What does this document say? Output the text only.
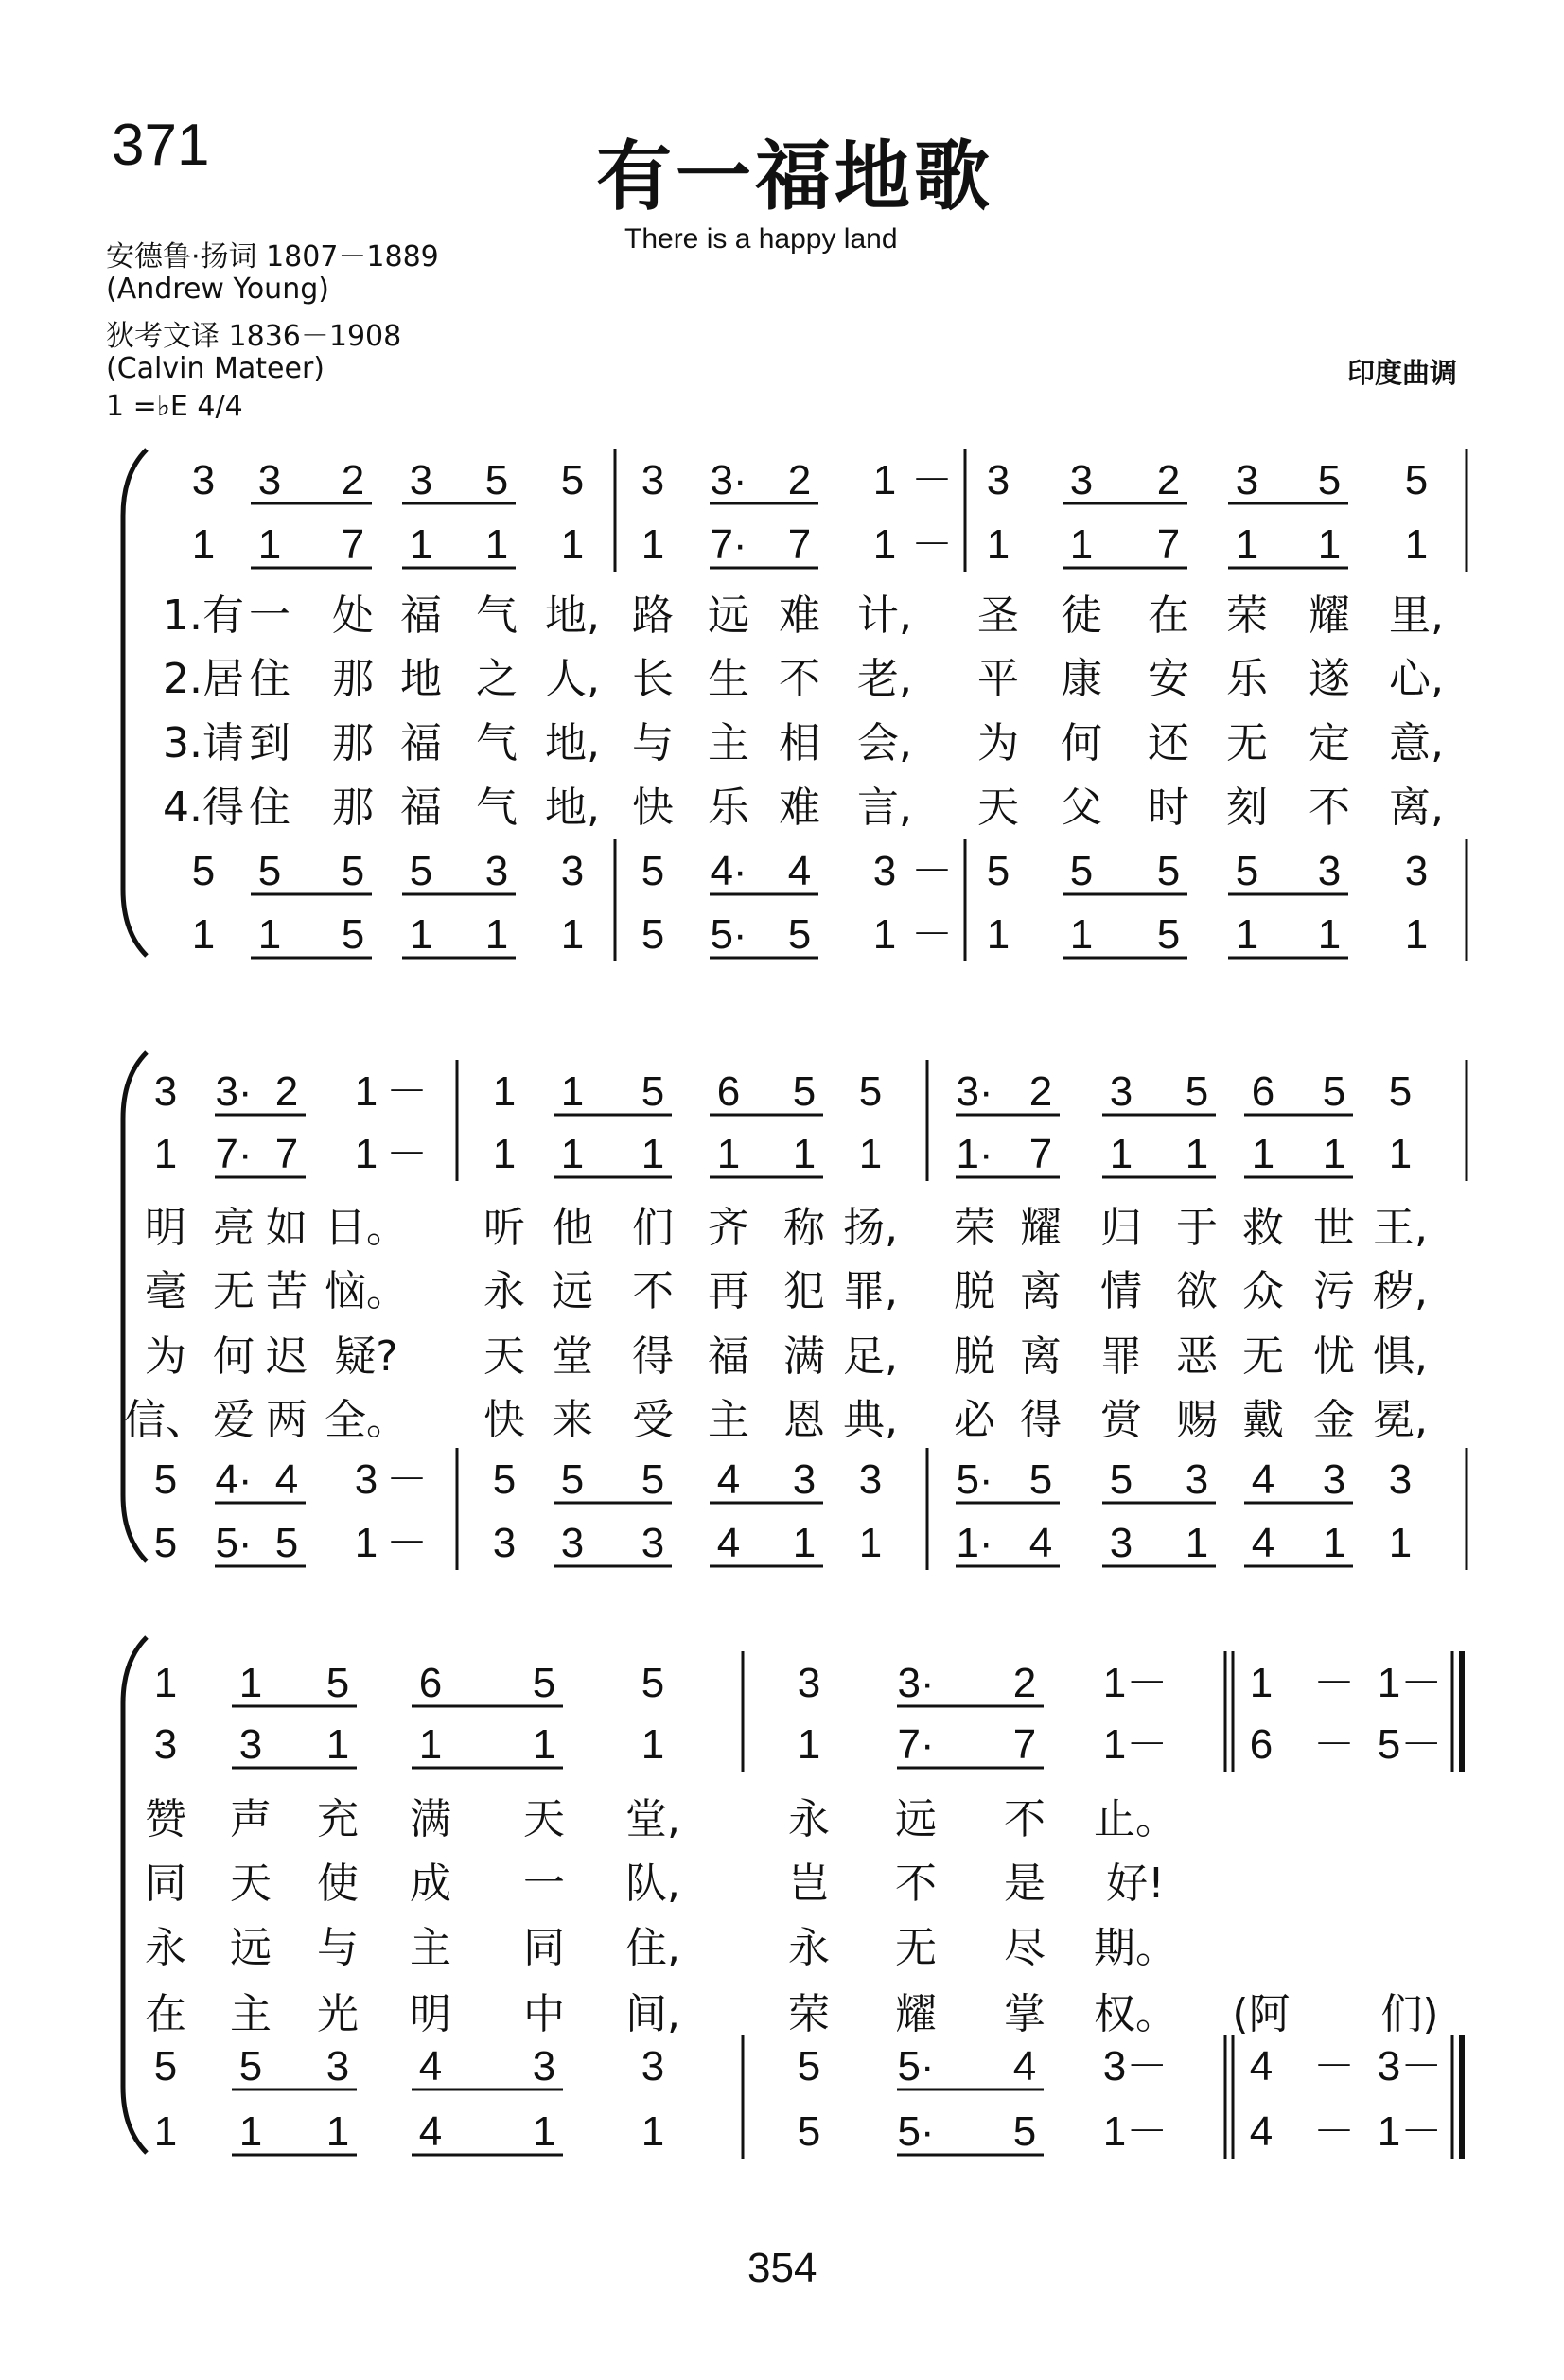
371	有一福地歌
There is a happy land
安德鲁·扬词 1807－1889
(Andrew Young)
狄考文译 1836－1908
(Calvin Mateer)
1 =♭E 4/4
印度曲调
3 3 2 3 5 5 3 3· 2 1 － 3 3 2 3 5 5
1 1 7 1 1 1 1 7· 7 1 － 1 1 7 1 1 1
5 5 5 5 3 3 5 4· 4 3 － 5 5 5 5 3 3
1 1 5 1 1 1 5 5· 5 1 － 1 1 5 1 1 1
1.有 一 处 福 气 地, 路 远 难 计, 圣 徒 在 荣 耀 里,
2.居 住 那 地 之 人, 长 生 不 老, 平 康 安 乐 遂 心,
3.请 到 那 福 气 地, 与 主 相 会, 为 何 还 无 定 意,
4.得 住 那 福 气 地, 快 乐 难 言, 天 父 时 刻 不 离,
3 3· 2 1 － 1 1 5 6 5 5 3· 2 3 5 6 5 5
1 7· 7 1 － 1 1 1 1 1 1 1· 7 1 1 1 1 1
5 4· 4 3 － 5 5 5 4 3 3 5· 5 5 3 4 3 3
5 5· 5 1 － 3 3 3 4 1 1 1· 4 3 1 4 1 1
明 亮 如 日。 听 他 们 齐 称 扬, 荣 耀 归 于 救 世 王,
毫 无 苦 恼。 永 远 不 再 犯 罪, 脱 离 情 欲 众 污 秽,
为 何 迟 疑? 天 堂 得 福 满 足, 脱 离 罪 恶 无 忧 惧,
信、 爱 两 全。 快 来 受 主 恩 典, 必 得 赏 赐 戴 金 冕,
1 1 5 6 5 5	3 3· 2 1－ 1 － 1－
3 3 1 1 1 1	1 7· 7 1－ 6 － 5－
5 5 3 4 3 3	5 5· 4 3－ 4 － 3－
1 1 1 4 1 1	5 5· 5 1－ 4 － 1－
赞 声 充 满 天 堂,	永 远 不 止。
同 天 使 成 一 队,	岂 不 是 好!
永 远 与 主 同 住,	永 无 尽 期。
在 主 光 明 中 间,	荣 耀 掌 权。 (阿 们)
354
